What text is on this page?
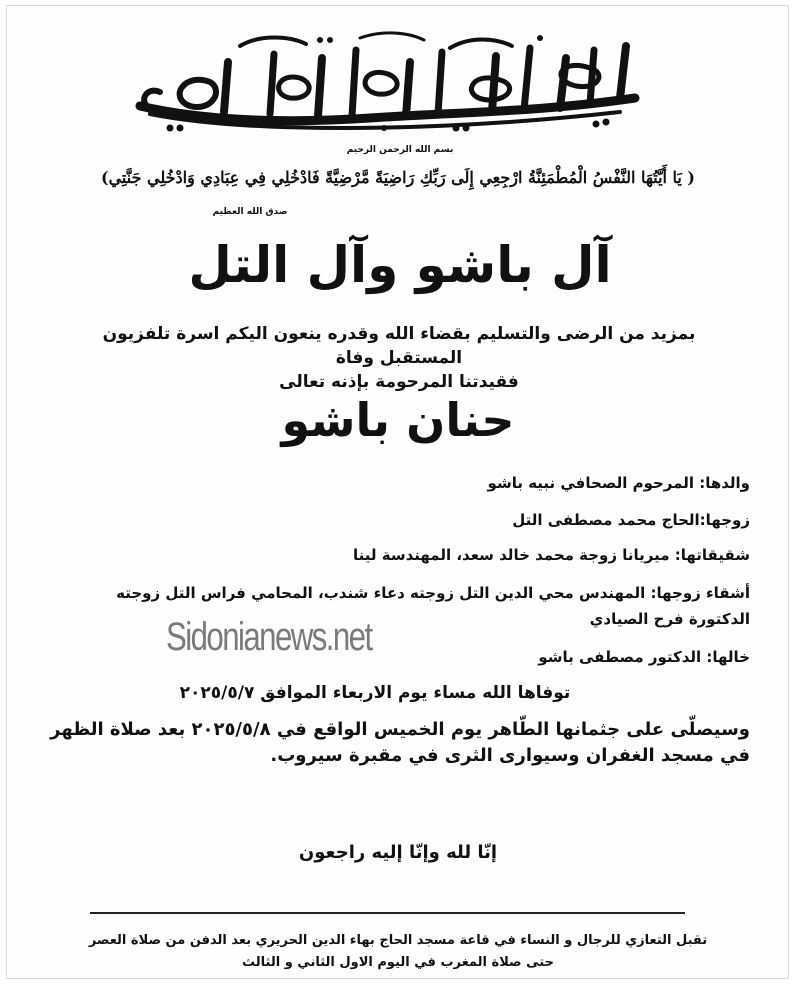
سُبحان الحي الذي لا يموت
بسم الله الرحمن الرحيم
( يَا أَيَّتُهَا النَّفْسُ الْمُطْمَئِنَّةُ ارْجِعِي إِلَى رَبِّكِ رَاضِيَةً مَّرْضِيَّةً فَادْخُلِي فِي عِبَادِي وَادْخُلِي جَنَّتِي)
صدق الله العظيم
آل باشو وآل التل
بمزيد من الرضى والتسليم بقضاء الله وقدره ينعون اليكم اسرة تلفزيون المستقبل وفاة
فقيدتنا المرحومة بإذنه تعالى
حنان باشو
والدها: المرحوم الصحافي نبيه باشو
زوجها:الحاج محمد مصطفى التل
شقيقاتها: ميريانا زوجة محمد خالد سعد، المهندسة لينا
أشقاء زوجها: المهندس محي الدين التل زوجته دعاء شندب، المحامي فراس التل زوجته الدكتورة فرح الصيادي
خالها: الدكتور مصطفى باشو
Sidonianews.net
توفاها الله مساء يوم الاربعاء الموافق ٢٠٢٥/٥/٧
وسيصلّى على جثمانها الطّاهر يوم الخميس الواقع في ٢٠٢٥/٥/٨ بعد صلاة الظهر
في مسجد الغفران وسيوارى الثرى في مقبرة سيروب.
إنّا لله وإنّا إليه راجعون
تقبل التعازي للرجال و النساء في قاعة مسجد الحاج بهاء الدين الحريري بعد الدفن من صلاة العصر
حتى صلاة المغرب في اليوم الاول الثاني و الثالث
